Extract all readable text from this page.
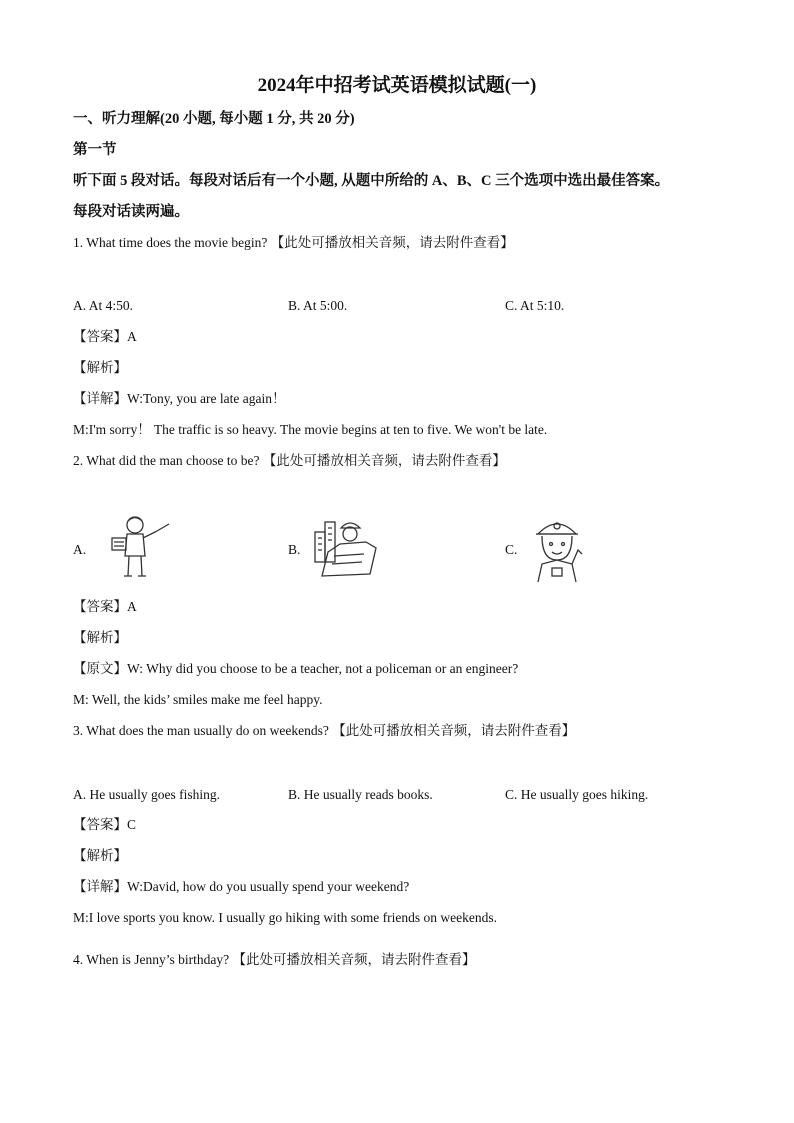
2024年中招考试英语模拟试题(一)
一、听力理解(20 小题, 每小题 1 分, 共 20 分)
第一节
听下面 5 段对话。每段对话后有一个小题, 从题中所给的 A、B、C 三个选项中选出最佳答案。
每段对话读两遍。
1. What time does the movie begin? 【此处可播放相关音频，请去附件查看】
A. At 4:50.	B. At 5:00.	C. At 5:10.
【答案】A
【解析】
【详解】W:Tony, you are late again！
M:I'm sorry！ The traffic is so heavy. The movie begins at ten to five. We won't be late.
2. What did the man choose to be? 【此处可播放相关音频，请去附件查看】
A.	B.	C.
【答案】A
【解析】
【原文】W: Why did you choose to be a teacher, not a policeman or an engineer?
M: Well, the kids’ smiles make me feel happy.
3. What does the man usually do on weekends? 【此处可播放相关音频，请去附件查看】
A. He usually goes fishing.	B. He usually reads books.	C. He usually goes hiking.
【答案】C
【解析】
【详解】W:David, how do you usually spend your weekend?
M:I love sports you know. I usually go hiking with some friends on weekends.
4. When is Jenny’s birthday? 【此处可播放相关音频，请去附件查看】
